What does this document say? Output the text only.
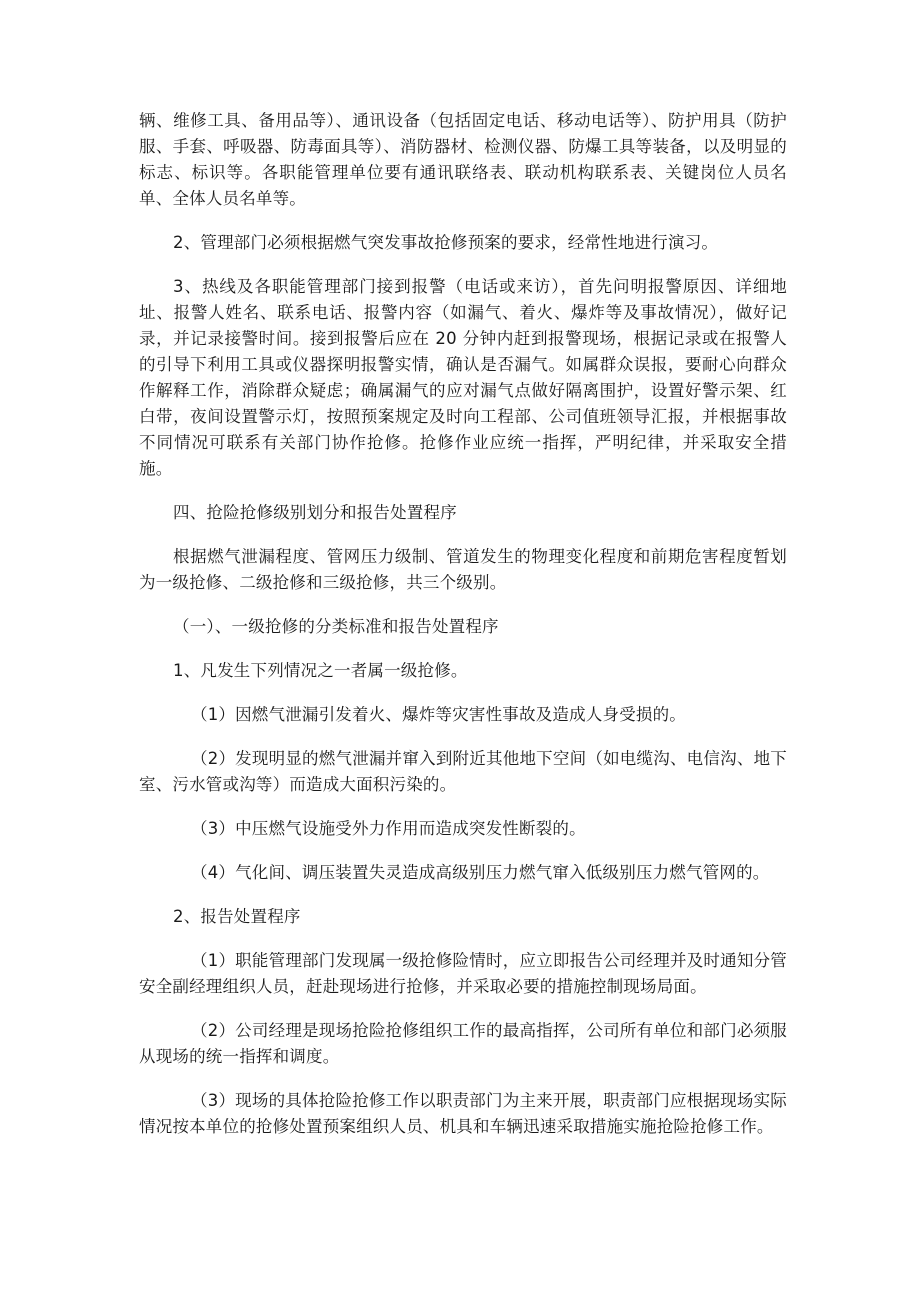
辆、维修工具、备用品等）、通讯设备（包括固定电话、移动电话等）、防护用具（防护服、手套、呼吸器、防毒面具等）、消防器材、检测仪器、防爆工具等装备，以及明显的标志、标识等。各职能管理单位要有通讯联络表、联动机构联系表、关键岗位人员名单、全体人员名单等。

2、管理部门必须根据燃气突发事故抢修预案的要求，经常性地进行演习。

3、热线及各职能管理部门接到报警（电话或来访），首先问明报警原因、详细地址、报警人姓名、联系电话、报警内容（如漏气、着火、爆炸等及事故情况），做好记录，并记录接警时间。接到报警后应在 20 分钟内赶到报警现场，根据记录或在报警人的引导下利用工具或仪器探明报警实情，确认是否漏气。如属群众误报，要耐心向群众作解释工作，消除群众疑虑；确属漏气的应对漏气点做好隔离围护，设置好警示架、红白带，夜间设置警示灯，按照预案规定及时向工程部、公司值班领导汇报，并根据事故不同情况可联系有关部门协作抢修。抢修作业应统一指挥，严明纪律，并采取安全措施。

四、抢险抢修级别划分和报告处置程序

根据燃气泄漏程度、管网压力级制、管道发生的物理变化程度和前期危害程度暂划为一级抢修、二级抢修和三级抢修，共三个级别。

（一）、一级抢修的分类标准和报告处置程序

1、凡发生下列情况之一者属一级抢修。

（1）因燃气泄漏引发着火、爆炸等灾害性事故及造成人身受损的。

（2）发现明显的燃气泄漏并窜入到附近其他地下空间（如电缆沟、电信沟、地下室、污水管或沟等）而造成大面积污染的。

（3）中压燃气设施受外力作用而造成突发性断裂的。

（4）气化间、调压装置失灵造成高级别压力燃气窜入低级别压力燃气管网的。

2、报告处置程序

（1）职能管理部门发现属一级抢修险情时，应立即报告公司经理并及时通知分管安全副经理组织人员，赶赴现场进行抢修，并采取必要的措施控制现场局面。

（2）公司经理是现场抢险抢修组织工作的最高指挥，公司所有单位和部门必须服从现场的统一指挥和调度。

（3）现场的具体抢险抢修工作以职责部门为主来开展，职责部门应根据现场实际情况按本单位的抢修处置预案组织人员、机具和车辆迅速采取措施实施抢险抢修工作。
